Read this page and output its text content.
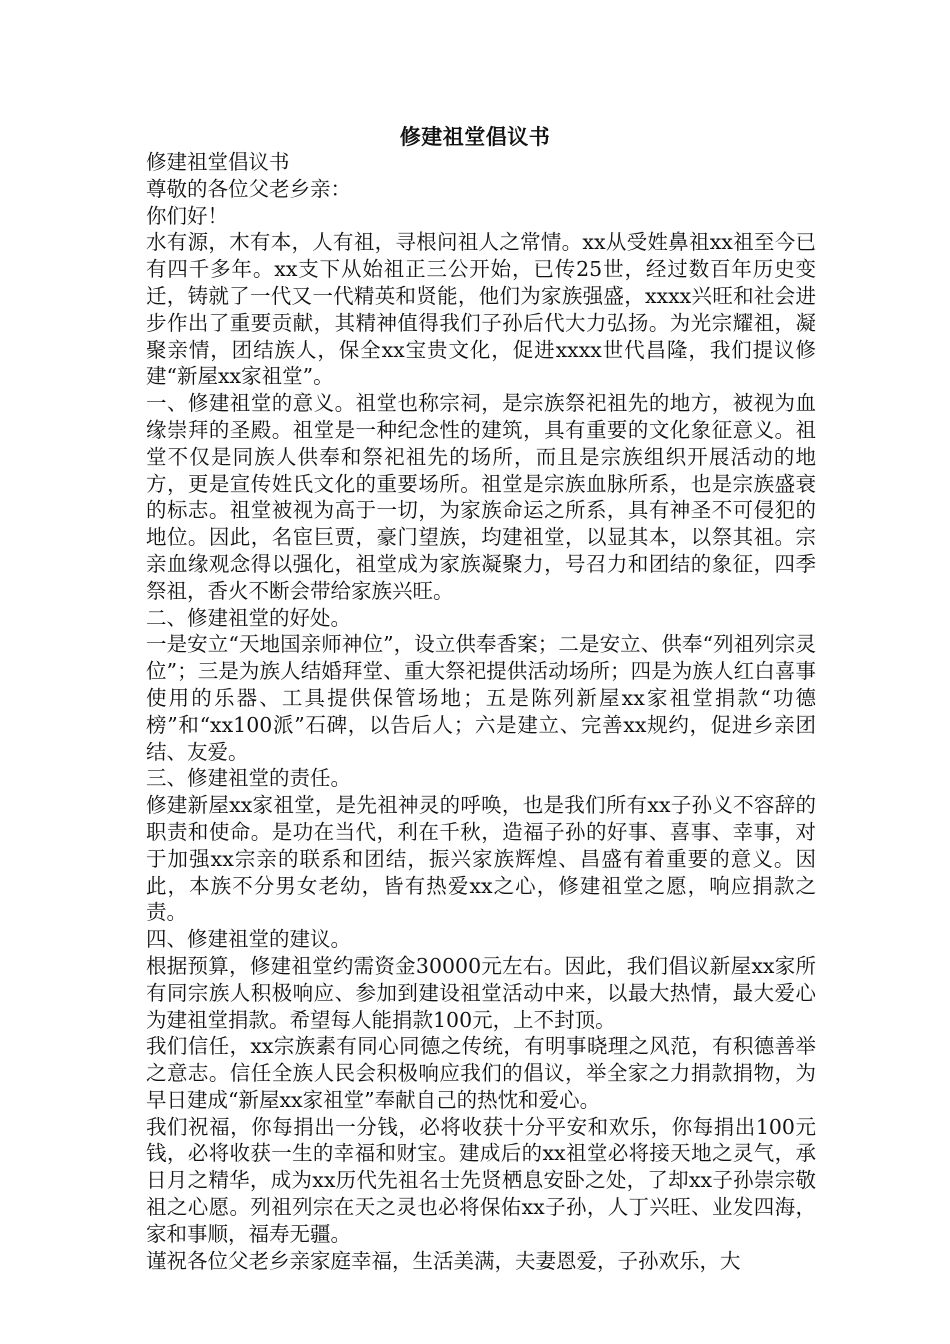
修建祖堂倡议书

修建祖堂倡议书

尊敬的各位父老乡亲：

你们好！

水有源，木有本，人有祖，寻根问祖人之常情。xx从受姓鼻祖xx祖至今已有四千多年。xx支下从始祖正三公开始，已传25世，经过数百年历史变迁，铸就了一代又一代精英和贤能，他们为家族强盛，xxxx兴旺和社会进步作出了重要贡献，其精神值得我们子孙后代大力弘扬。为光宗耀祖，凝聚亲情，团结族人，保全xx宝贵文化，促进xxxx世代昌隆，我们提议修建“新屋xx家祖堂”。

一、修建祖堂的意义。祖堂也称宗祠，是宗族祭祀祖先的地方，被视为血缘崇拜的圣殿。祖堂是一种纪念性的建筑，具有重要的文化象征意义。祖堂不仅是同族人供奉和祭祀祖先的场所，而且是宗族组织开展活动的地方，更是宣传姓氏文化的重要场所。祖堂是宗族血脉所系，也是宗族盛衰的标志。祖堂被视为高于一切，为家族命运之所系，具有神圣不可侵犯的地位。因此，名宦巨贾，豪门望族，均建祖堂，以显其本，以祭其祖。宗亲血缘观念得以强化，祖堂成为家族凝聚力，号召力和团结的象征，四季祭祖，香火不断会带给家族兴旺。

二、修建祖堂的好处。

一是安立“天地国亲师神位”，设立供奉香案；二是安立、供奉“列祖列宗灵位”；三是为族人结婚拜堂、重大祭祀提供活动场所；四是为族人红白喜事使用的乐器、工具提供保管场地；五是陈列新屋xx家祖堂捐款“功德榜”和“xx100派”石碑，以告后人；六是建立、完善xx规约，促进乡亲团结、友爱。

三、修建祖堂的责任。

修建新屋xx家祖堂，是先祖神灵的呼唤，也是我们所有xx子孙义不容辞的职责和使命。是功在当代，利在千秋，造福子孙的好事、喜事、幸事，对于加强xx宗亲的联系和团结，振兴家族辉煌、昌盛有着重要的意义。因此，本族不分男女老幼，皆有热爱xx之心，修建祖堂之愿，响应捐款之责。

四、修建祖堂的建议。

根据预算，修建祖堂约需资金30000元左右。因此，我们倡议新屋xx家所有同宗族人积极响应、参加到建设祖堂活动中来，以最大热情，最大爱心为建祖堂捐款。希望每人能捐款100元，上不封顶。

我们信任，xx宗族素有同心同德之传统，有明事晓理之风范，有积德善举之意志。信任全族人民会积极响应我们的倡议，举全家之力捐款捐物，为早日建成“新屋xx家祖堂”奉献自己的热忱和爱心。

我们祝福，你每捐出一分钱，必将收获十分平安和欢乐，你每捐出100元钱，必将收获一生的幸福和财宝。建成后的xx祖堂必将接天地之灵气，承日月之精华，成为xx历代先祖名士先贤栖息安卧之处，了却xx子孙崇宗敬祖之心愿。列祖列宗在天之灵也必将保佑xx子孙，人丁兴旺、业发四海，家和事顺，福寿无疆。

谨祝各位父老乡亲家庭幸福，生活美满，夫妻恩爱，子孙欢乐，大
